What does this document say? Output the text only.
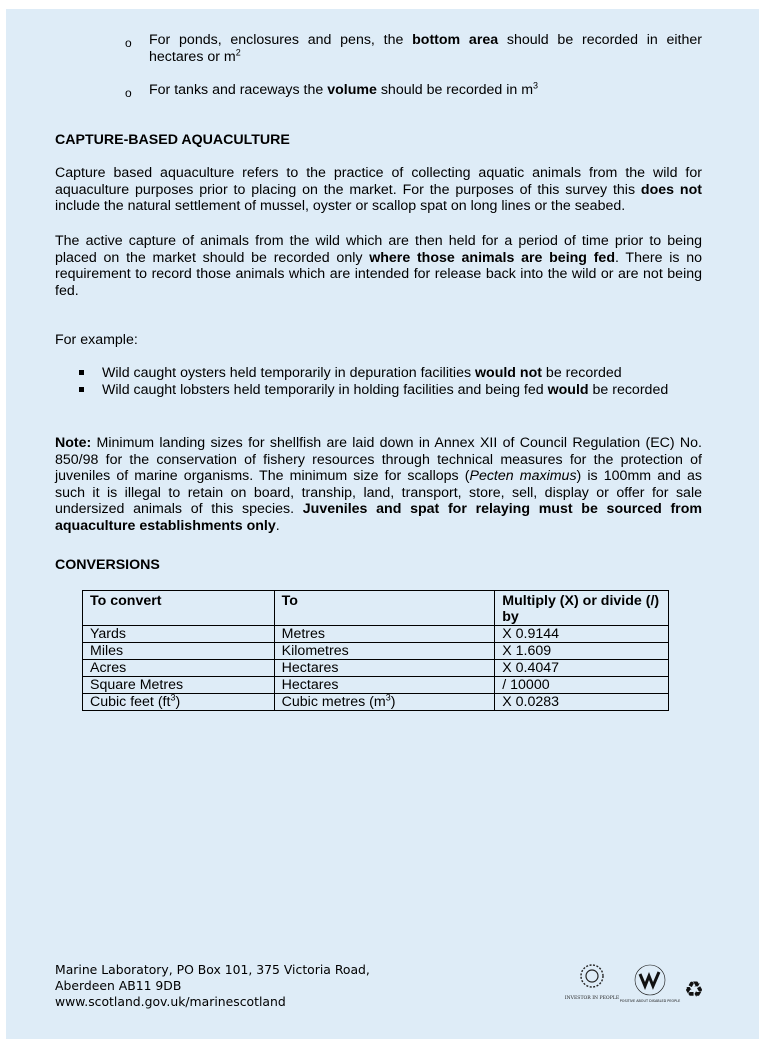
o For ponds, enclosures and pens, the bottom area should be recorded in either hectares or $m^2$
o For tanks and raceways the volume should be recorded in $m^3$
CAPTURE-BASED AQUACULTURE
Capture based aquaculture refers to the practice of collecting aquatic animals from the wild for aquaculture purposes prior to placing on the market. For the purposes of this survey this does not include the natural settlement of mussel, oyster or scallop spat on long lines or the seabed.
The active capture of animals from the wild which are then held for a period of time prior to being placed on the market should be recorded only where those animals are being fed. There is no requirement to record those animals which are intended for release back into the wild or are not being fed.
For example:
Wild caught oysters held temporarily in depuration facilities would not be recorded
Wild caught lobsters held temporarily in holding facilities and being fed would be recorded
Note: Minimum landing sizes for shellfish are laid down in Annex XII of Council Regulation (EC) No. 850/98 for the conservation of fishery resources through technical measures for the protection of juveniles of marine organisms. The minimum size for scallops (Pecten maximus) is 100mm and as such it is illegal to retain on board, tranship, land, transport, store, sell, display or offer for sale undersized animals of this species. Juveniles and spat for relaying must be sourced from aquaculture establishments only.
CONVERSIONS
To convert	To	Multiply (X) or divide (/) by
Yards	Metres	X 0.9144
Miles	Kilometres	X 1.609
Acres	Hectares	X 0.4047
Square Metres	Hectares	/ 10000
Cubic feet $(ft^3)$	Cubic metres $(m^3)$	X 0.0283
Marine Laboratory, PO Box 101, 375 Victoria Road,
Aberdeen AB11 9DB
www.scotland.gov.uk/marinescotland	INVESTOR IN PEOPLE POSITIVE ABOUT DISABLED PEOPLE ♻
